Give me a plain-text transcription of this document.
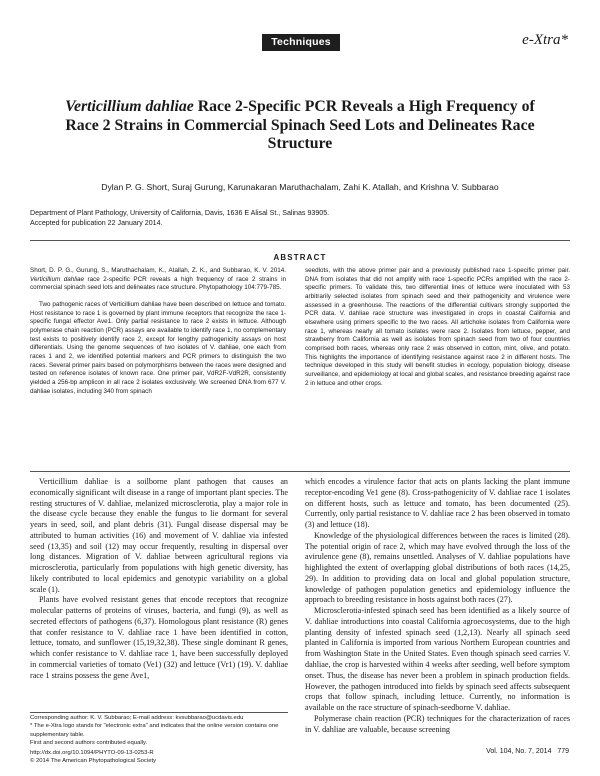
Techniques	e-Xtra*
Verticillium dahliae Race 2-Specific PCR Reveals a High Frequency of Race 2 Strains in Commercial Spinach Seed Lots and Delineates Race Structure
Dylan P. G. Short, Suraj Gurung, Karunakaran Maruthachalam, Zahi K. Atallah, and Krishna V. Subbarao
Department of Plant Pathology, University of California, Davis, 1636 E Alisal St., Salinas 93905.
Accepted for publication 22 January 2014.
ABSTRACT

Short, D. P. G., Gurung, S., Maruthachalam, K., Atallah, Z. K., and Subbarao, K. V. 2014. Verticillium dahliae race 2-specific PCR reveals a high frequency of race 2 strains in commercial spinach seed lots and delineates race structure. Phytopathology 104:779-785.

Two pathogenic races of Verticillium dahliae have been described on lettuce and tomato. Host resistance to race 1 is governed by plant immune receptors that recognize the race 1-specific fungal effector Ave1. Only partial resistance to race 2 exists in lettuce. Although polymerase chain reaction (PCR) assays are available to identify race 1, no complementary test exists to positively identify race 2, except for lengthy pathogenicity assays on host differentials. Using the genome sequences of two isolates of V. dahliae, one each from races 1 and 2, we identified potential markers and PCR primers to distinguish the two races. Several primer pairs based on polymorphisms between the races were designed and tested on reference isolates of known race. One primer pair, VdR2F-VdR2R, consistently yielded a 256-bp amplicon in all race 2 isolates exclusively. We screened DNA from 677 V. dahliae isolates, including 340 from spinach

seedlots, with the above primer pair and a previously published race 1-specific primer pair. DNA from isolates that did not amplify with race 1-specific PCRs amplified with the race 2-specific primers. To validate this, two differential lines of lettuce were inoculated with 53 arbitrarily selected isolates from spinach seed and their pathogenicity and virulence were assessed in a greenhouse. The reactions of the differential cultivars strongly supported the PCR data. V. dahliae race structure was investigated in crops in coastal California and elsewhere using primers specific to the two races. All artichoke isolates from California were race 1, whereas nearly all tomato isolates were race 2. Isolates from lettuce, pepper, and strawberry from California as well as isolates from spinach seed from two of four countries comprised both races, whereas only race 2 was observed in cotton, mint, olive, and potato. This highlights the importance of identifying resistance against race 2 in different hosts. The technique developed in this study will benefit studies in ecology, population biology, disease surveillance, and epidemiology at local and global scales, and resistance breeding against race 2 in lettuce and other crops.

Verticillium dahliae is a soilborne plant pathogen that causes an economically significant wilt disease in a range of important plant species. The resting structures of V. dahliae, melanized microsclerotia, play a major role in the disease cycle because they enable the fungus to lie dormant for several years in seed, soil, and plant debris (31). Fungal disease dispersal may be attributed to human activities (16) and movement of V. dahliae via infested seed (13,35) and soil (12) may occur frequently, resulting in dispersal over long distances. Migration of V. dahliae between agricultural regions via microsclerotia, particularly from populations with high genetic diversity, has likely contributed to local epidemics and genotypic variability on a global scale (1).

Plants have evolved resistant genes that encode receptors that recognize molecular patterns of proteins of viruses, bacteria, and fungi (9), as well as secreted effectors of pathogens (6,37). Homologous plant resistance (R) genes that confer resistance to V. dahliae race 1 have been identified in cotton, lettuce, tomato, and sunflower (15,19,32,38). These single dominant R genes, which confer resistance to V. dahliae race 1, have been successfully deployed in commercial varieties of tomato (Ve1) (32) and lettuce (Vr1) (19). V. dahliae race 1 strains possess the gene Ave1,

Corresponding author: K. V. Subbarao; E-mail address: kvsubbarao@ucdavis.edu

* The e-Xtra logo stands for "electronic extra" and indicates that the online version contains one supplementary table.

First and second authors contributed equally.

http://dx.doi.org/10.1094/PHYTO-09-13-0253-R
© 2014 The American Phytopathological Society

which encodes a virulence factor that acts on plants lacking the plant immune receptor-encoding Ve1 gene (8). Cross-pathogenicity of V. dahliae race 1 isolates on different hosts, such as lettuce and tomato, has been documented (25). Currently, only partial resistance to V. dahliae race 2 has been observed in tomato (3) and lettuce (18).

Knowledge of the physiological differences between the races is limited (28). The potential origin of race 2, which may have evolved through the loss of the avirulence gene (8), remains unsettled. Analyses of V. dahliae populations have highlighted the extent of overlapping global distributions of both races (14,25, 29). In addition to providing data on local and global population structure, knowledge of pathogen population genetics and epidemiology influence the approach to breeding resistance in hosts against both races (27).

Microsclerotia-infested spinach seed has been identified as a likely source of V. dahliae introductions into coastal California agroecosystems, due to the high planting density of infested spinach seed (1,2,13). Nearly all spinach seed planted in California is imported from various Northern European countries and from Washington State in the United States. Even though spinach seed carries V. dahliae, the crop is harvested within 4 weeks after seeding, well before symptom onset. Thus, the disease has never been a problem in spinach production fields. However, the pathogen introduced into fields by spinach seed affects subsequent crops that follow spinach, including lettuce. Currently, no information is available on the race structure of spinach-seedborne V. dahliae.

Polymerase chain reaction (PCR) techniques for the characterization of races in V. dahliae are valuable, because screening

Vol. 104, No. 7, 2014 779
